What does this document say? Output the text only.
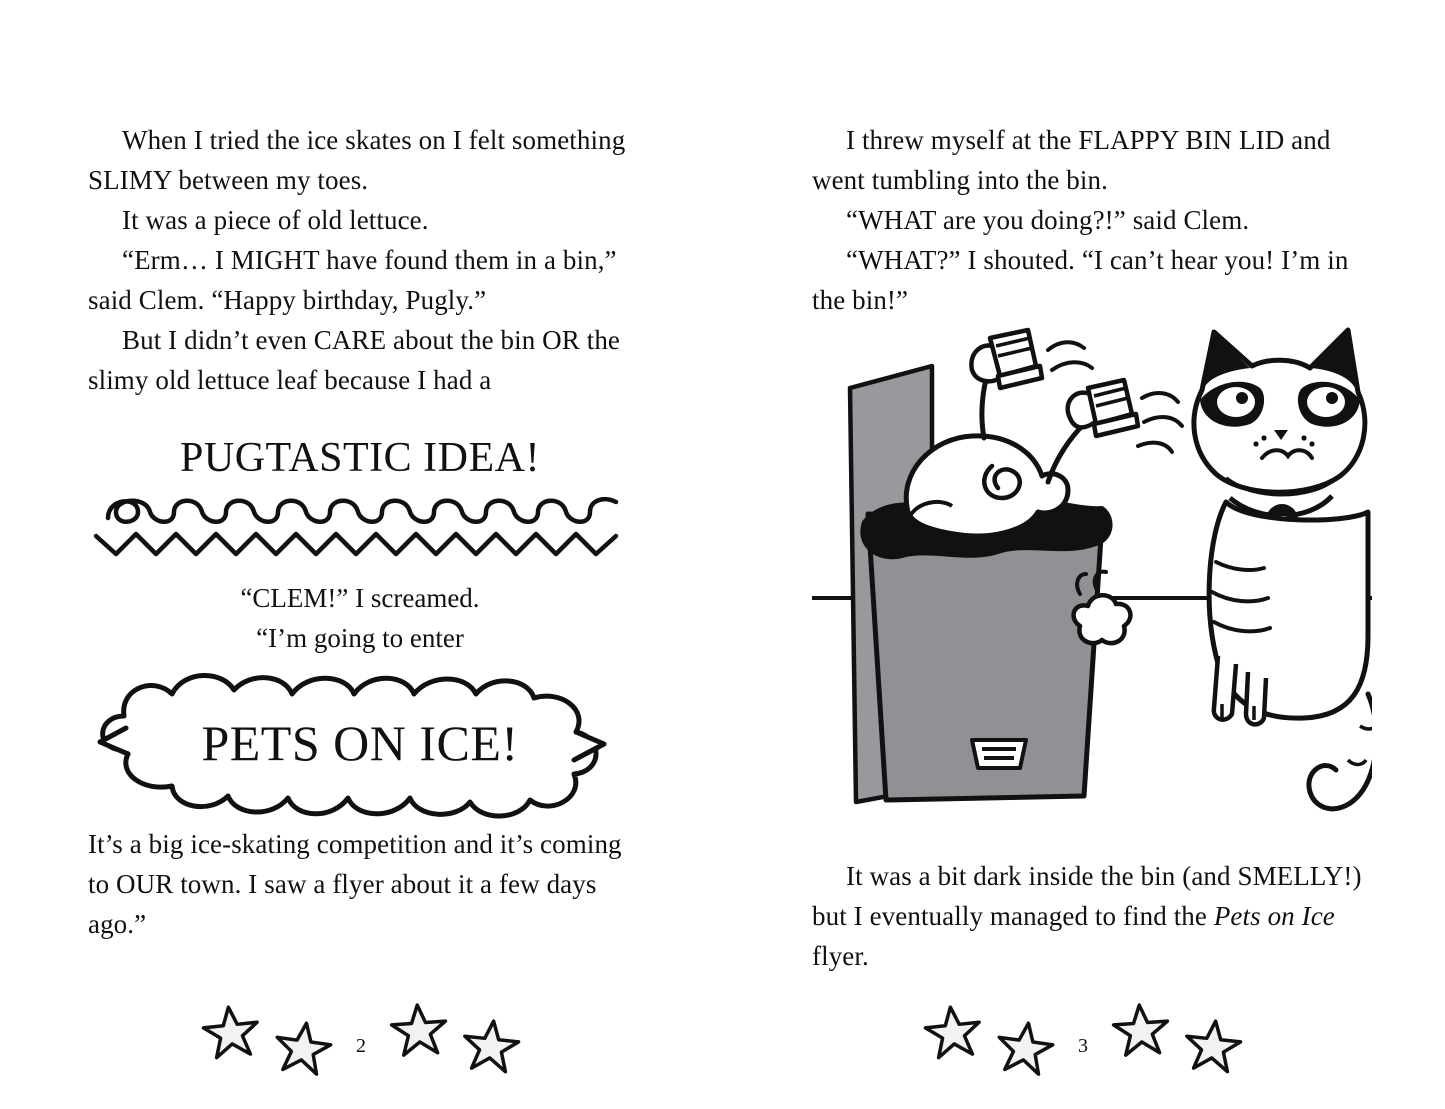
When I tried the ice skates on I felt something SLIMY between my toes.

It was a piece of old lettuce.

“Erm… I MIGHT have found them in a bin,” said Clem. “Happy birthday, Pugly.”

But I didn’t even CARE about the bin OR the slimy old lettuce leaf because I had a

PUGTASTIC IDEA!

“CLEM!” I screamed.

“I’m going to enter

PETS ON ICE!

It’s a big ice-skating competition and it’s coming to OUR town. I saw a flyer about it a few days ago.”

2

I threw myself at the FLAPPY BIN LID and went tumbling into the bin.

“WHAT are you doing?!” said Clem.

“WHAT?” I shouted. “I can’t hear you! I’m in the bin!”

It was a bit dark inside the bin (and SMELLY!) but I eventually managed to find the Pets on Ice flyer.

3
